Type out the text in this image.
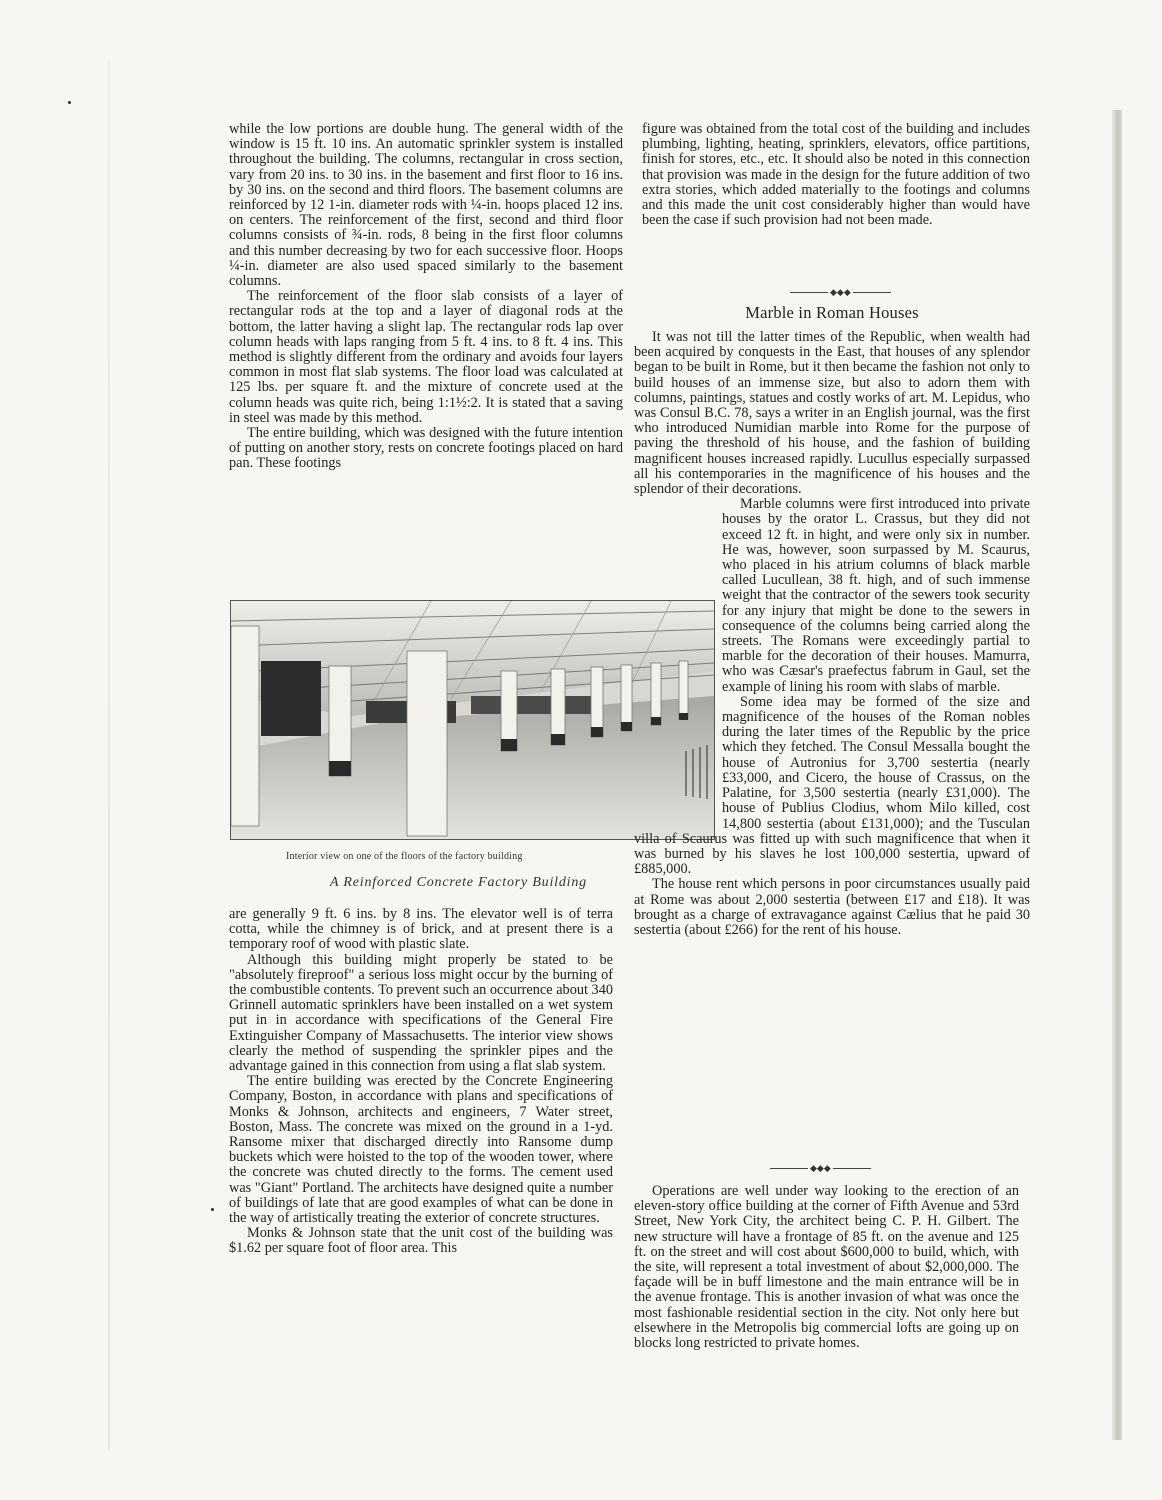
while the low portions are double hung. The general width of the window is 15 ft. 10 ins. An automatic sprinkler system is installed throughout the building. The columns, rectangular in cross section, vary from 20 ins. to 30 ins. in the basement and first floor to 16 ins. by 30 ins. on the second and third floors. The basement columns are reinforced by 12 1-in. diameter rods with ¼-in. hoops placed 12 ins. on centers. The reinforcement of the first, second and third floor columns consists of ¾-in. rods, 8 being in the first floor columns and this number decreasing by two for each successive floor. Hoops ¼-in. diameter are also used spaced similarly to the basement columns.

The reinforcement of the floor slab consists of a layer of rectangular rods at the top and a layer of diagonal rods at the bottom, the latter having a slight lap. The rectangular rods lap over column heads with laps ranging from 5 ft. 4 ins. to 8 ft. 4 ins. This method is slightly different from the ordinary and avoids four layers common in most flat slab systems. The floor load was calculated at 125 lbs. per square ft. and the mixture of concrete used at the column heads was quite rich, being 1:1½:2. It is stated that a saving in steel was made by this method.

The entire building, which was designed with the future intention of putting on another story, rests on concrete footings placed on hard pan. These footings

Interior view on one of the floors of the factory building
A Reinforced Concrete Factory Building

are generally 9 ft. 6 ins. by 8 ins. The elevator well is of terra cotta, while the chimney is of brick, and at present there is a temporary roof of wood with plastic slate.

Although this building might properly be stated to be "absolutely fireproof" a serious loss might occur by the burning of the combustible contents. To prevent such an occurrence about 340 Grinnell automatic sprinklers have been installed on a wet system put in in accordance with specifications of the General Fire Extinguisher Company of Massachusetts. The interior view shows clearly the method of suspending the sprinkler pipes and the advantage gained in this connection from using a flat slab system.

The entire building was erected by the Concrete Engineering Company, Boston, in accordance with plans and specifications of Monks & Johnson, architects and engineers, 7 Water street, Boston, Mass. The concrete was mixed on the ground in a 1-yd. Ransome mixer that discharged directly into Ransome dump buckets which were hoisted to the top of the wooden tower, where the concrete was chuted directly to the forms. The cement used was "Giant" Portland. The architects have designed quite a number of buildings of late that are good examples of what can be done in the way of artistically treating the exterior of concrete structures.

Monks & Johnson state that the unit cost of the building was $1.62 per square foot of floor area. This

figure was obtained from the total cost of the building and includes plumbing, lighting, heating, sprinklers, elevators, office partitions, finish for stores, etc., etc. It should also be noted in this connection that provision was made in the design for the future addition of two extra stories, which added materially to the footings and columns and this made the unit cost considerably higher than would have been the case if such provision had not been made.

◆◆◆
Marble in Roman Houses

It was not till the latter times of the Republic, when wealth had been acquired by conquests in the East, that houses of any splendor began to be built in Rome, but it then became the fashion not only to build houses of an immense size, but also to adorn them with columns, paintings, statues and costly works of art. M. Lepidus, who was Consul B.C. 78, says a writer in an English journal, was the first who introduced Numidian marble into Rome for the purpose of paving the threshold of his house, and the fashion of building magnificent houses increased rapidly. Lucullus especially surpassed all his contemporaries in the magnificence of his houses and the splendor of their decorations.

Marble columns were first introduced into private houses by the orator L. Crassus, but they did not exceed 12 ft. in hight, and were only six in number. He was, however, soon surpassed by M. Scaurus, who placed in his atrium columns of black marble called Lucullean, 38 ft. high, and of such immense weight that the contractor of the sewers took security for any injury that might be done to the sewers in consequence of the columns being carried along the streets. The Romans were exceedingly partial to marble for the decoration of their houses. Mamurra, who was Cæsar's praefectus fabrum in Gaul, set the example of lining his room with slabs of marble.

Some idea may be formed of the size and magnificence of the houses of the Roman nobles during the later times of the Republic by the price which they fetched. The Consul Messalla bought the house of Autronius for 3,700 sestertia (nearly £33,000, and Cicero, the house of Crassus, on the Palatine, for 3,500 sestertia (nearly £31,000). The house of Publius Clodius, whom Milo killed, cost 14,800 sestertia (about £131,000); and the Tusculan villa of Scaurus was fitted up with such magnificence that when it was burned by his slaves he lost 100,000 sestertia, upward of £885,000.

The house rent which persons in poor circumstances usually paid at Rome was about 2,000 sestertia (between £17 and £18). It was brought as a charge of extravagance against Cælius that he paid 30 sestertia (about £266) for the rent of his house.

◆◆◆

Operations are well under way looking to the erection of an eleven-story office building at the corner of Fifth Avenue and 53rd Street, New York City, the architect being C. P. H. Gilbert. The new structure will have a frontage of 85 ft. on the avenue and 125 ft. on the street and will cost about $600,000 to build, which, with the site, will represent a total investment of about $2,000,000. The façade will be in buff limestone and the main entrance will be in the avenue frontage. This is another invasion of what was once the most fashionable residential section in the city. Not only here but elsewhere in the Metropolis big commercial lofts are going up on blocks long restricted to private homes.
